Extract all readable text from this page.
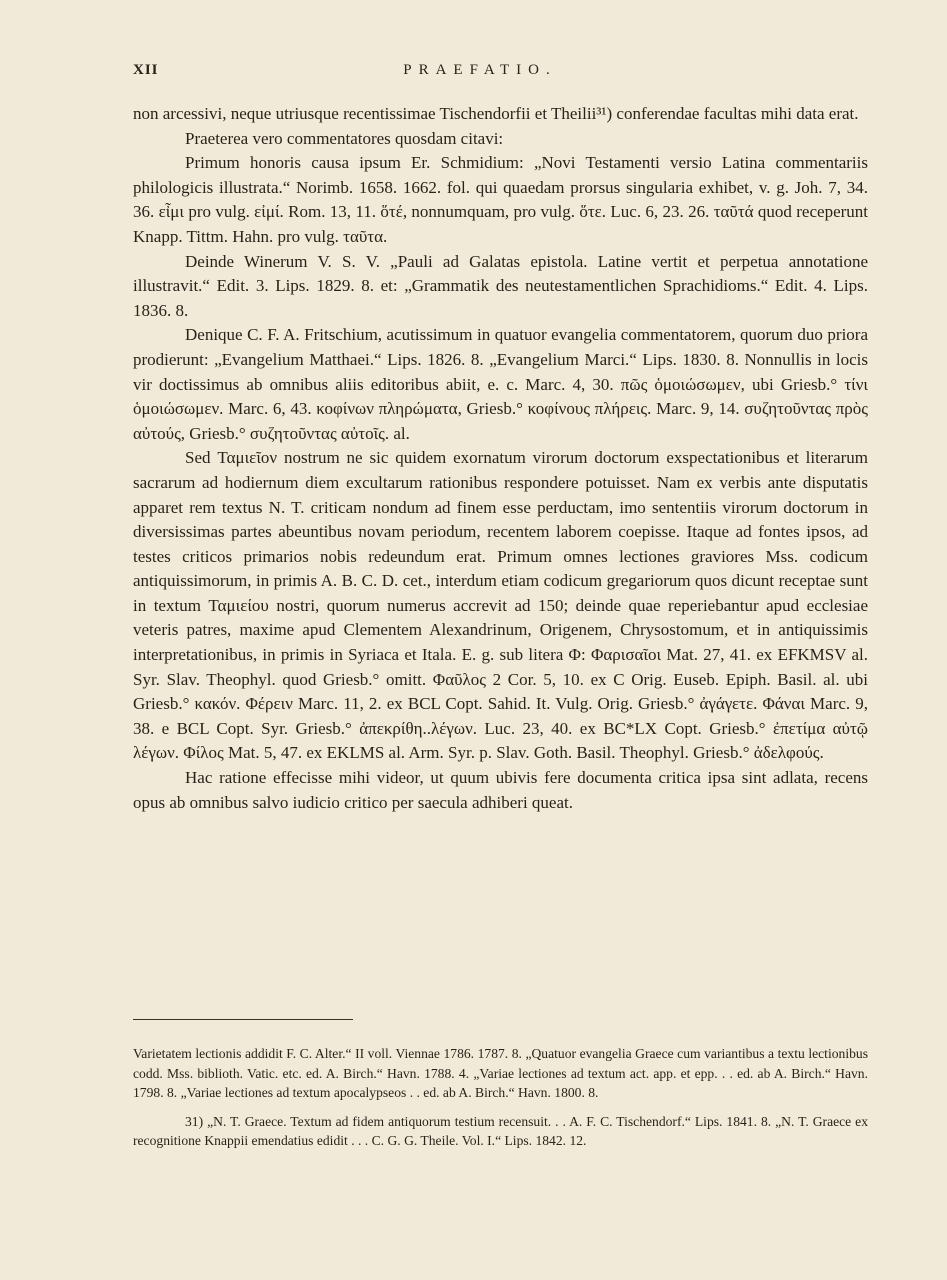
XII	PRAEFATIO.

non arcessivi, neque utriusque recentissimae Tischendorfii et Theilii³¹) conferendae facultas mihi data erat.

Praeterea vero commentatores quosdam citavi:

Primum honoris causa ipsum Er. Schmidium: „Novi Testamenti versio Latina commentariis philologicis illustrata.“ Norimb. 1658. 1662. fol. qui quaedam prorsus singularia exhibet, v. g. Joh. 7, 34. 36. εἶμι pro vulg. εἰμί. Rom. 13, 11. ὅτέ, nonnumquam, pro vulg. ὅτε. Luc. 6, 23. 26. ταῦτά quod receperunt Knapp. Tittm. Hahn. pro vulg. ταῦτα.

Deinde Winerum V. S. V. „Pauli ad Galatas epistola. Latine vertit et perpetua annotatione illustravit.“ Edit. 3. Lips. 1829. 8. et: „Grammatik des neutestamentlichen Sprachidioms.“ Edit. 4. Lips. 1836. 8.

Denique C. F. A. Fritschium, acutissimum in quatuor evangelia commentatorem, quorum duo priora prodierunt: „Evangelium Matthaei.“ Lips. 1826. 8. „Evangelium Marci.“ Lips. 1830. 8. Nonnullis in locis vir doctissimus ab omnibus aliis editoribus abiit, e. c. Marc. 4, 30. πῶς ὁμοιώσωμεν, ubi Griesb.° τίνι ὁμοιώσωμεν. Marc. 6, 43. κοφίνων πληρώματα, Griesb.° κοφίνους πλήρεις. Marc. 9, 14. συζητοῦντας πρὸς αὐτούς, Griesb.° συζητοῦντας αὐτοῖς. al.

Sed Ταμιεῖον nostrum ne sic quidem exornatum virorum doctorum exspectationibus et literarum sacrarum ad hodiernum diem excultarum rationibus respondere potuisset. Nam ex verbis ante disputatis apparet rem textus N. T. criticam nondum ad finem esse perductam, imo sententiis virorum doctorum in diversissimas partes abeuntibus novam periodum, recentem laborem coepisse. Itaque ad fontes ipsos, ad testes criticos primarios nobis redeundum erat. Primum omnes lectiones graviores Mss. codicum antiquissimorum, in primis A. B. C. D. cet., interdum etiam codicum gregariorum quos dicunt receptae sunt in textum Ταμιείου nostri, quorum numerus accrevit ad 150; deinde quae reperiebantur apud ecclesiae veteris patres, maxime apud Clementem Alexandrinum, Origenem, Chrysostomum, et in antiquissimis interpretationibus, in primis in Syriaca et Itala. E. g. sub litera Φ: Φαρισαῖοι Mat. 27, 41. ex EFKMSV al. Syr. Slav. Theophyl. quod Griesb.° omitt. Φαῦλος 2 Cor. 5, 10. ex C Orig. Euseb. Epiph. Basil. al. ubi Griesb.° κακόν. Φέρειν Marc. 11, 2. ex BCL Copt. Sahid. It. Vulg. Orig. Griesb.° ἀγάγετε. Φάναι Marc. 9, 38. e BCL Copt. Syr. Griesb.° ἀπεκρίθη..λέγων. Luc. 23, 40. ex BC*LX Copt. Griesb.° ἐπετίμα αὐτῷ λέγων. Φίλος Mat. 5, 47. ex EKLMS al. Arm. Syr. p. Slav. Goth. Basil. Theophyl. Griesb.° ἀδελφούς.

Hac ratione effecisse mihi videor, ut quum ubivis fere documenta critica ipsa sint adlata, recens opus ab omnibus salvo iudicio critico per saecula adhiberi queat.

Varietatem lectionis addidit F. C. Alter.“ II voll. Viennae 1786. 1787. 8. „Quatuor evangelia Graece cum variantibus a textu lectionibus codd. Mss. biblioth. Vatic. etc. ed. A. Birch.“ Havn. 1788. 4. „Variae lectiones ad textum act. app. et epp. . . ed. ab A. Birch.“ Havn. 1798. 8. „Variae lectiones ad textum apocalypseos . . ed. ab A. Birch.“ Havn. 1800. 8.

31) „N. T. Graece. Textum ad fidem antiquorum testium recensuit. . . A. F. C. Tischendorf.“ Lips. 1841. 8. „N. T. Graece ex recognitione Knappii emendatius edidit . . . C. G. G. Theile. Vol. I.“ Lips. 1842. 12.
